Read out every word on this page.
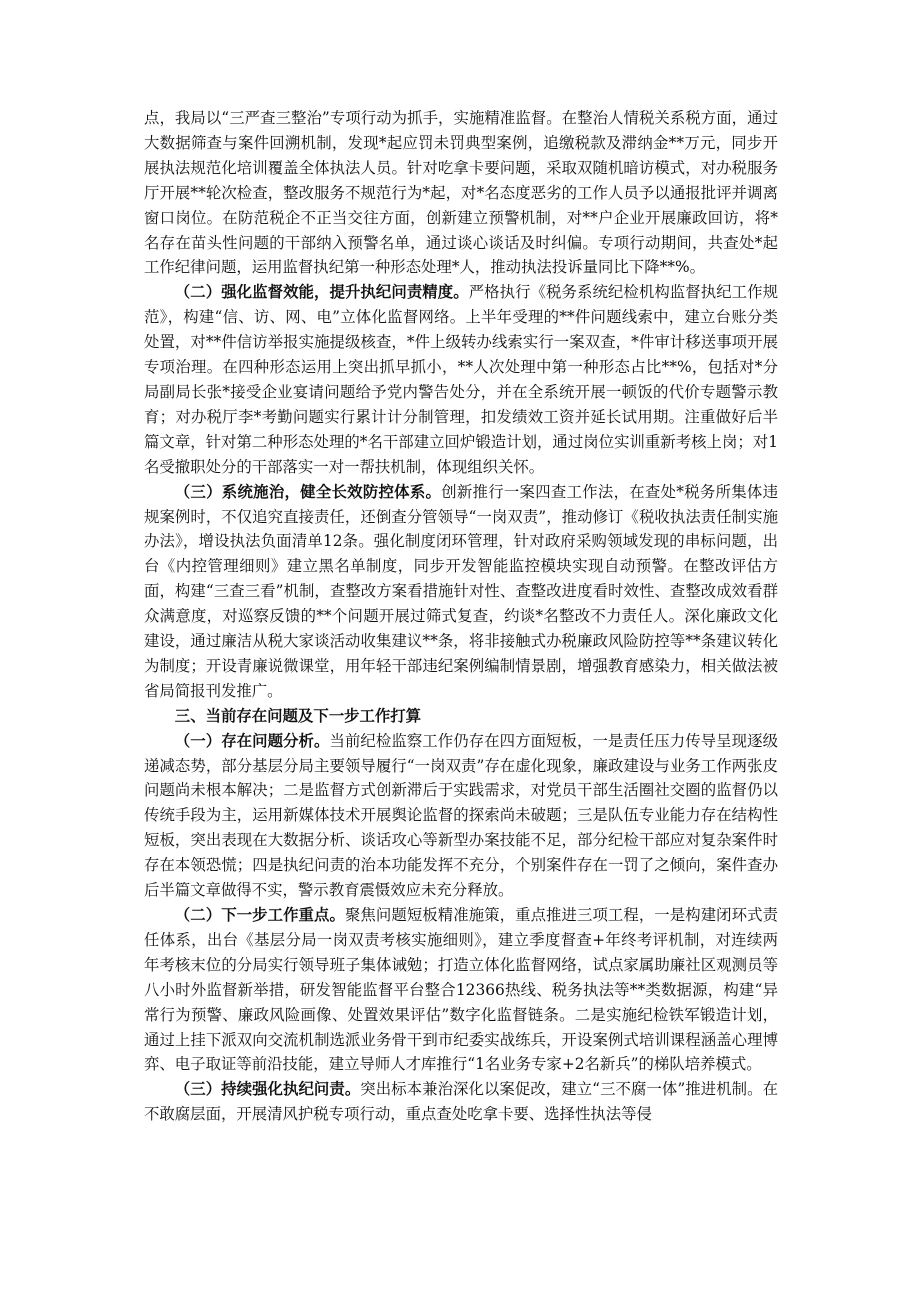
点，我局以“三严查三整治”专项行动为抓手，实施精准监督。在整治人情税关系税方面，通过大数据筛查与案件回溯机制，发现*起应罚未罚典型案例，追缴税款及滞纳金**万元，同步开展执法规范化培训覆盖全体执法人员。针对吃拿卡要问题，采取双随机暗访模式，对办税服务厅开展**轮次检查，整改服务不规范行为*起，对*名态度恶劣的工作人员予以通报批评并调离窗口岗位。在防范税企不正当交往方面，创新建立预警机制，对**户企业开展廉政回访，将*名存在苗头性问题的干部纳入预警名单，通过谈心谈话及时纠偏。专项行动期间，共查处*起工作纪律问题，运用监督执纪第一种形态处理*人，推动执法投诉量同比下降**%。

（二）强化监督效能，提升执纪问责精度。严格执行《税务系统纪检机构监督执纪工作规范》，构建“信、访、网、电”立体化监督网络。上半年受理的**件问题线索中，建立台账分类处置，对**件信访举报实施提级核查，*件上级转办线索实行一案双查，*件审计移送事项开展专项治理。在四种形态运用上突出抓早抓小，**人次处理中第一种形态占比**%，包括对*分局副局长张*接受企业宴请问题给予党内警告处分，并在全系统开展一顿饭的代价专题警示教育；对办税厅李*考勤问题实行累计计分制管理，扣发绩效工资并延长试用期。注重做好后半篇文章，针对第二种形态处理的*名干部建立回炉锻造计划，通过岗位实训重新考核上岗；对1名受撤职处分的干部落实一对一帮扶机制，体现组织关怀。

（三）系统施治，健全长效防控体系。创新推行一案四查工作法，在查处*税务所集体违规案例时，不仅追究直接责任，还倒查分管领导“一岗双责”，推动修订《税收执法责任制实施办法》，增设执法负面清单12条。强化制度闭环管理，针对政府采购领域发现的串标问题，出台《内控管理细则》建立黑名单制度，同步开发智能监控模块实现自动预警。在整改评估方面，构建“三查三看”机制，查整改方案看措施针对性、查整改进度看时效性、查整改成效看群众满意度，对巡察反馈的**个问题开展过筛式复查，约谈*名整改不力责任人。深化廉政文化建设，通过廉洁从税大家谈活动收集建议**条，将非接触式办税廉政风险防控等**条建议转化为制度；开设青廉说微课堂，用年轻干部违纪案例编制情景剧，增强教育感染力，相关做法被省局简报刊发推广。

三、当前存在问题及下一步工作打算

（一）存在问题分析。当前纪检监察工作仍存在四方面短板，一是责任压力传导呈现逐级递减态势，部分基层分局主要领导履行“一岗双责”存在虚化现象，廉政建设与业务工作两张皮问题尚未根本解决；二是监督方式创新滞后于实践需求，对党员干部生活圈社交圈的监督仍以传统手段为主，运用新媒体技术开展舆论监督的探索尚未破题；三是队伍专业能力存在结构性短板，突出表现在大数据分析、谈话攻心等新型办案技能不足，部分纪检干部应对复杂案件时存在本领恐慌；四是执纪问责的治本功能发挥不充分，个别案件存在一罚了之倾向，案件查办后半篇文章做得不实，警示教育震慑效应未充分释放。

（二）下一步工作重点。聚焦问题短板精准施策，重点推进三项工程，一是构建闭环式责任体系，出台《基层分局一岗双责考核实施细则》，建立季度督查+年终考评机制，对连续两年考核末位的分局实行领导班子集体诫勉；打造立体化监督网络，试点家属助廉社区观测员等八小时外监督新举措，研发智能监督平台整合12366热线、税务执法等**类数据源，构建“异常行为预警、廉政风险画像、处置效果评估”数字化监督链条。二是实施纪检铁军锻造计划，通过上挂下派双向交流机制选派业务骨干到市纪委实战练兵，开设案例式培训课程涵盖心理博弈、电子取证等前沿技能，建立导师人才库推行“1名业务专家+2名新兵”的梯队培养模式。

（三）持续强化执纪问责。突出标本兼治深化以案促改，建立“三不腐一体”推进机制。在不敢腐层面，开展清风护税专项行动，重点查处吃拿卡要、选择性执法等侵
